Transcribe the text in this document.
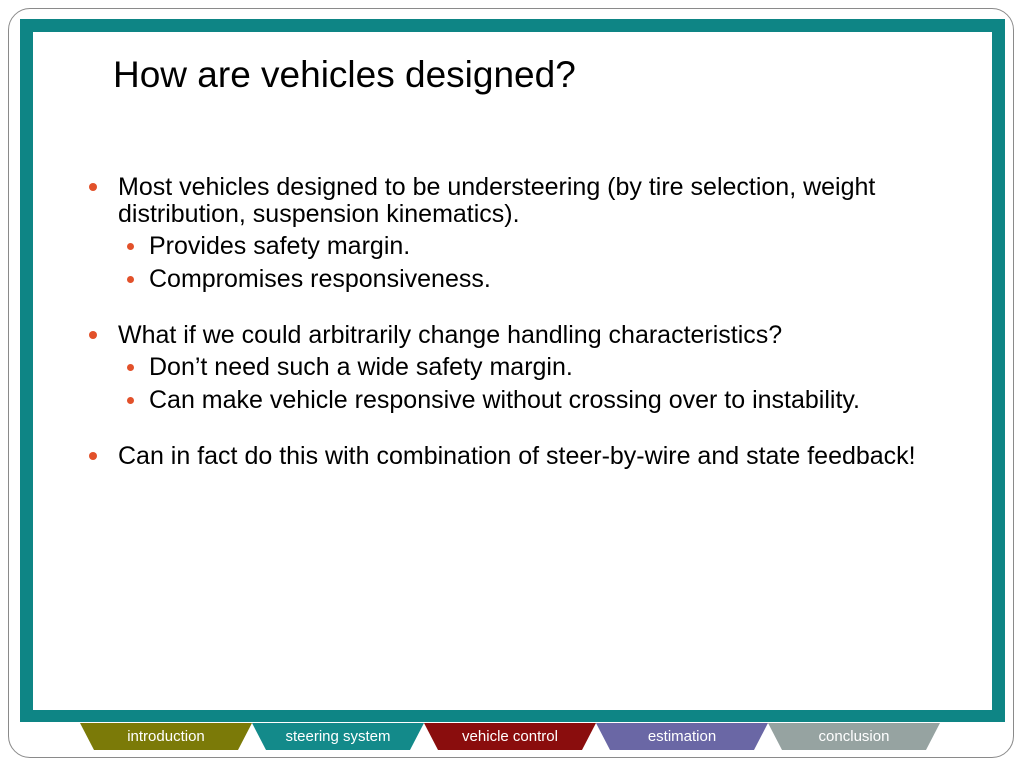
How are vehicles designed?
Most vehicles designed to be understeering (by tire selection, weight distribution, suspension kinematics).
Provides safety margin.
Compromises responsiveness.
What if we could arbitrarily change handling characteristics?
Don’t need such a wide safety margin.
Can make vehicle responsive without crossing over to instability.
Can in fact do this with combination of steer-by-wire and state feedback!
introduction	steering system	vehicle control	estimation	conclusion
